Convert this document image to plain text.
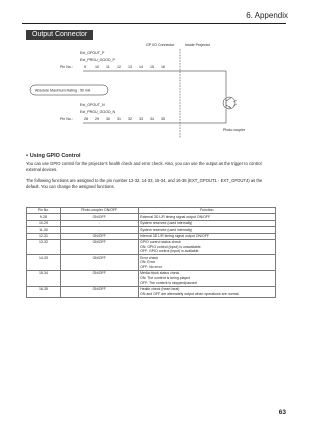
6. Appendix
Output Connector
GP I/O Connector	Inside Projector
Ext_GPOUT_P
Ext_PRGU_GOOD_P
Pin No.:	9	10 11 12 13 14 15 16
Absolute Maximum Rating : 50 mA
Ext_GPOUT_N
Ext_PRGU_GOOD_N
Pin No.:	28 29 30 31 32 33 34 35
Photo coupler
• Using GPIO Control
You can use GPIO control for the projector's health check and error check. Also, you can use the output as the trigger to control external devices.
The following functions are assigned to the pin number 12-32, 14-33, 15-34, and 16-35 (EXT_GPOUT1 - EXT_GPOUT4) as the default. You can change the assigned functions.
Pin No.	Photo-coupler ON/OFF	Function
9-28	ON/OFF	External 3D L/R timing signal output ON/OFF

10-29	-	System reserved (used internally)

11-30	-	System reserved (used internally)

12-31	ON/OFF	Internal 3D L/R timing signal output ON/OFF

13-32	ON/OFF	GPIO control status check
ON: GPIO control (input) is unavailable.
OFF: GPIO control (input) is available.

14-33	ON/OFF	Error check
ON: Error
OFF: No error

15-34	ON/OFF	Media block status check
ON: The content is being played
OFF: The content is stopped/paused

16-35	ON/OFF	Health check (heart beat)
ON and OFF are alternately output when operations are normal.
63
